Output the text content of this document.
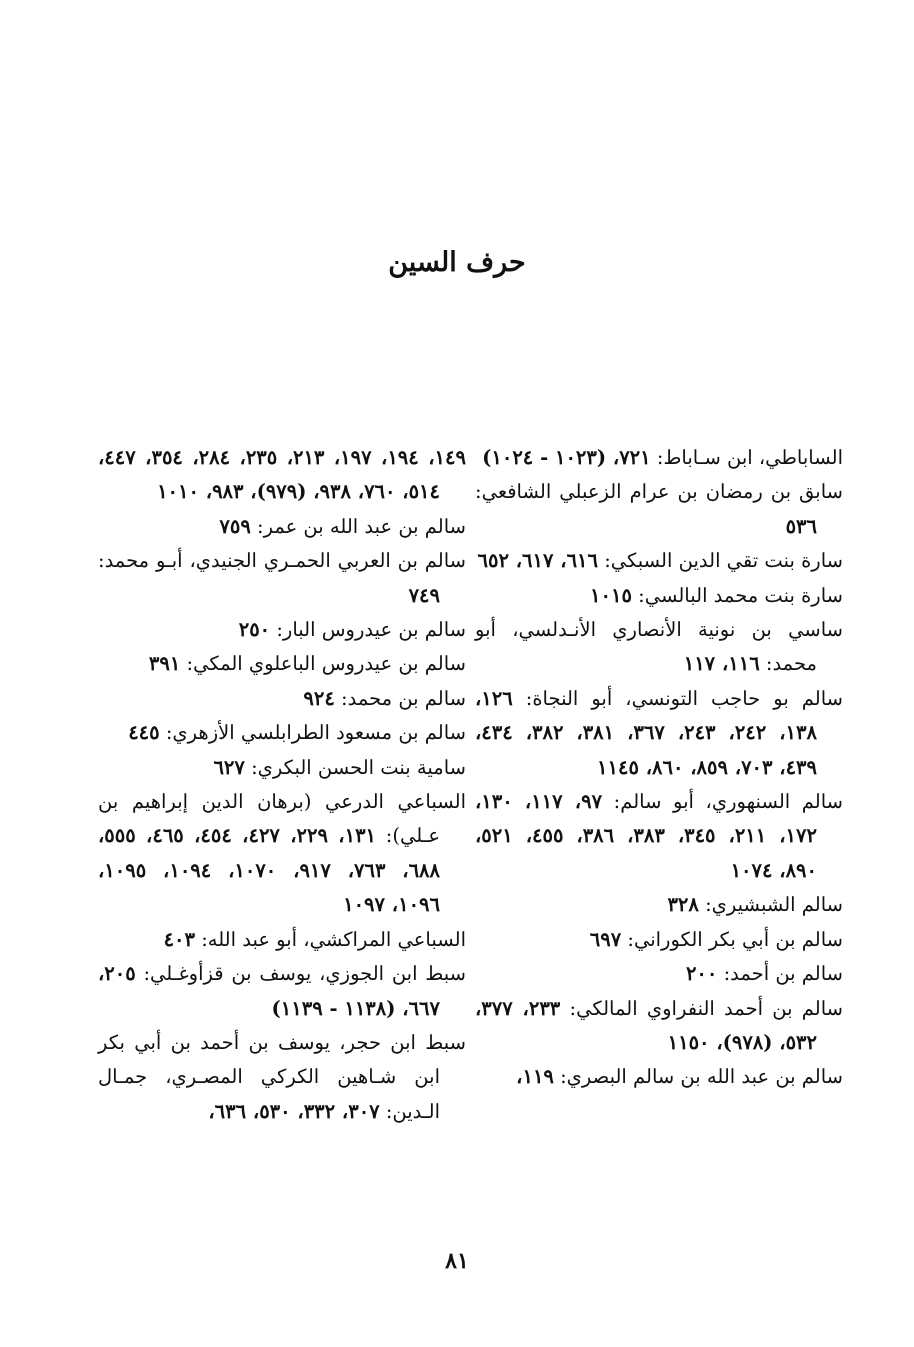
حرف السين

الساباطي، ابن سـاباط: ٧٢١، (١٠٢٣ - ١٠٢٤)

سابق بن رمضان بن عرام الزعبلي الشافعي: ٥٣٦

سارة بنت تقي الدين السبكي: ٦١٦، ٦١٧، ٦٥٢

سارة بنت محمد البالسي: ١٠١٥

ساسي بن نونية الأنصاري الأنـدلسي، أبو محمد: ١١٦، ١١٧

سالم بو حاجب التونسي، أبو النجاة: ١٢٦، ١٣٨، ٢٤٢، ٢٤٣، ٣٦٧، ٣٨١، ٣٨٢، ٤٣٤، ٤٣٩، ٧٠٣، ٨٥٩، ٨٦٠، ١١٤٥

سالم السنهوري، أبو سالم: ٩٧، ١١٧، ١٣٠، ١٧٢، ٢١١، ٣٤٥، ٣٨٣، ٣٨٦، ٤٥٥، ٥٢١، ٨٩٠، ١٠٧٤

سالم الشبشيري: ٣٢٨

سالم بن أبي بكر الكوراني: ٦٩٧

سالم بن أحمد: ٢٠٠

سالم بن أحمد النفراوي المالكي: ٢٣٣، ٣٧٧، ٥٣٢، (٩٧٨)، ١١٥٠

سالم بن عبد الله بن سالم البصري: ١١٩،

١٤٩، ١٩٤، ١٩٧، ٢١٣، ٢٣٥، ٢٨٤، ٣٥٤، ٤٤٧، ٥١٤، ٧٦٠، ٩٣٨، (٩٧٩)، ٩٨٣، ١٠١٠

سالم بن عبد الله بن عمر: ٧٥٩

سالم بن العربي الحمـري الجنيدي، أبـو محمد: ٧٤٩

سالم بن عيدروس البار: ٢٥٠

سالم بن عيدروس الباعلوي المكي: ٣٩١

سالم بن محمد: ٩٢٤

سالم بن مسعود الطرابلسي الأزهري: ٤٤٥

سامية بنت الحسن البكري: ٦٢٧

السباعي الدرعي (برهان الدين إبراهيم بن عـلي): ١٣١، ٢٢٩، ٤٢٧، ٤٥٤، ٤٦٥، ٥٥٥، ٦٨٨، ٧٦٣، ٩١٧، ١٠٧٠، ١٠٩٤، ١٠٩٥، ١٠٩٦، ١٠٩٧

السباعي المراكشي، أبو عبد الله: ٤٠٣

سبط ابن الجوزي، يوسف بن قزأوغـلي: ٢٠٥، ٦٦٧، (١١٣٨ - ١١٣٩)

سبط ابن حجر، يوسف بن أحمد بن أبي بكر ابن شـاهين الكركي المصـري، جمـال الـدين: ٣٠٧، ٣٣٢، ٥٣٠، ٦٣٦،

٨١
